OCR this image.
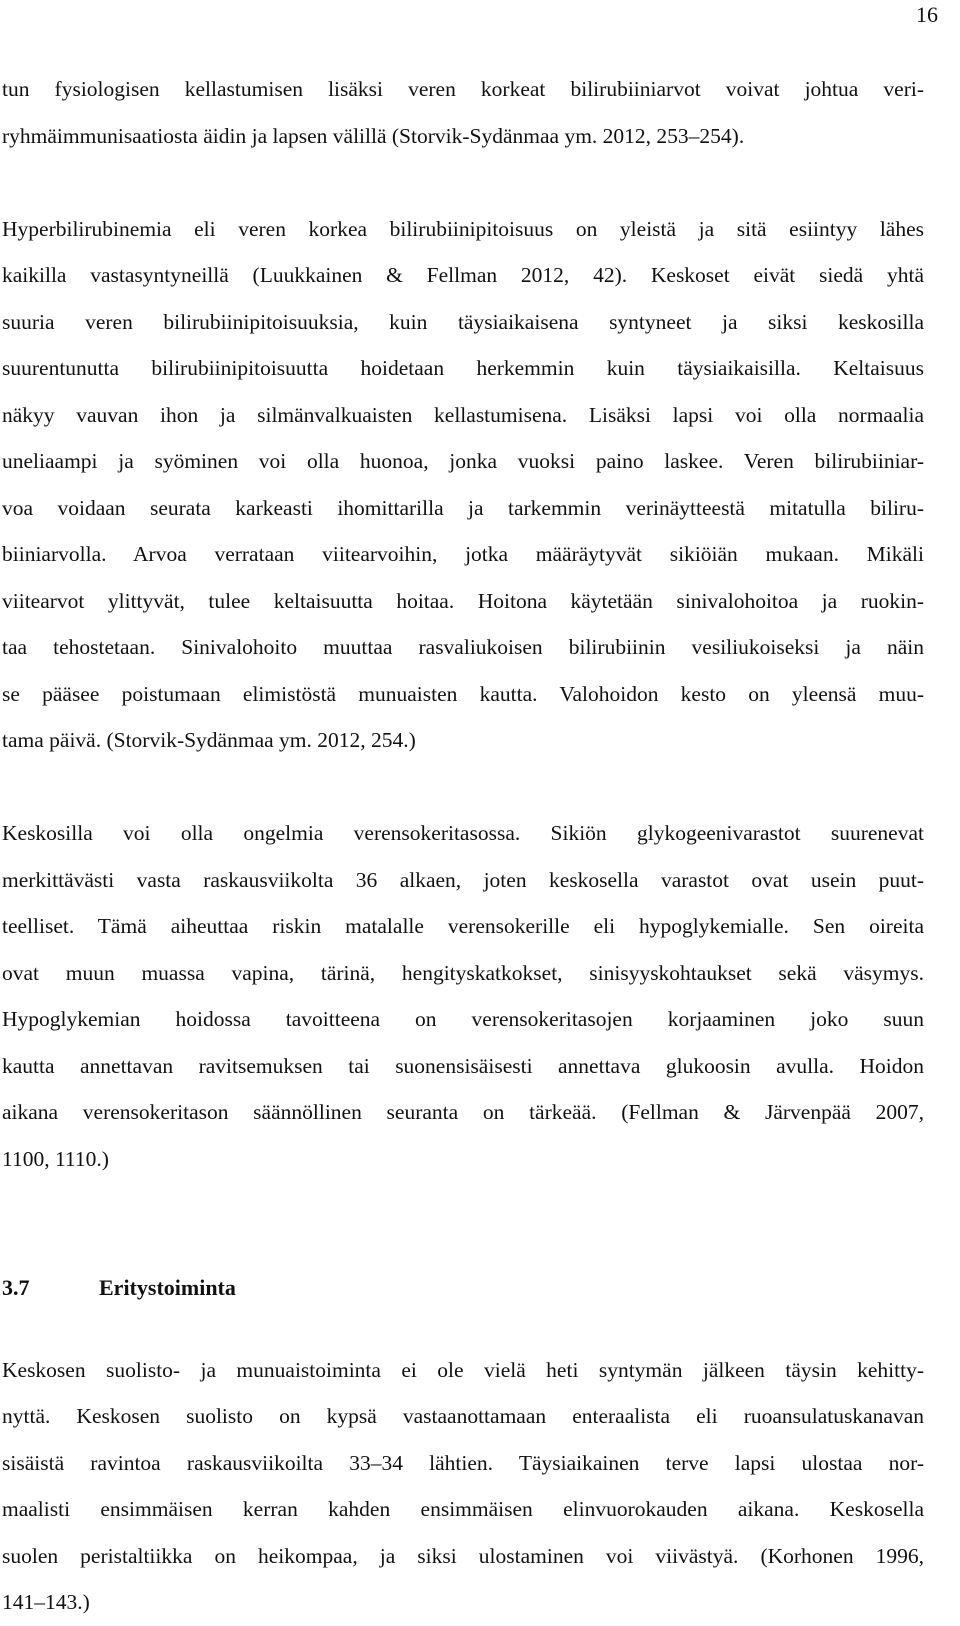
16
tun fysiologisen kellastumisen lisäksi veren korkeat bilirubiiniarvot voivat johtua veri-
ryhmäimmunisaatiosta äidin ja lapsen välillä (Storvik-Sydänmaa ym. 2012, 253–254).
Hyperbilirubinemia eli veren korkea bilirubiinipitoisuus on yleistä ja sitä esiintyy lähes
kaikilla vastasyntyneillä (Luukkainen & Fellman 2012, 42). Keskoset eivät siedä yhtä
suuria veren bilirubiinipitoisuuksia, kuin täysiaikaisena syntyneet ja siksi keskosilla
suurentunutta bilirubiinipitoisuutta hoidetaan herkemmin kuin täysiaikaisilla. Keltaisuus
näkyy vauvan ihon ja silmänvalkuaisten kellastumisena. Lisäksi lapsi voi olla normaalia
uneliaampi ja syöminen voi olla huonoa, jonka vuoksi paino laskee. Veren bilirubiiniar-
voa voidaan seurata karkeasti ihomittarilla ja tarkemmin verinäytteestä mitatulla biliru-
biiniarvolla. Arvoa verrataan viitearvoihin, jotka määräytyvät sikiöiän mukaan. Mikäli
viitearvot ylittyvät, tulee keltaisuutta hoitaa. Hoitona käytetään sinivalohoitoa ja ruokin-
taa tehostetaan. Sinivalohoito muuttaa rasvaliukoisen bilirubiinin vesiliukoiseksi ja näin
se pääsee poistumaan elimistöstä munuaisten kautta. Valohoidon kesto on yleensä muu-
tama päivä. (Storvik-Sydänmaa ym. 2012, 254.)
Keskosilla voi olla ongelmia verensokeritasossa. Sikiön glykogeenivarastot suurenevat
merkittävästi vasta raskausviikolta 36 alkaen, joten keskosella varastot ovat usein puut-
teelliset. Tämä aiheuttaa riskin matalalle verensokerille eli hypoglykemialle. Sen oireita
ovat muun muassa vapina, tärinä, hengityskatkokset, sinisyyskohtaukset sekä väsymys.
Hypoglykemian hoidossa tavoitteena on verensokeritasojen korjaaminen joko suun
kautta annettavan ravitsemuksen tai suonensisäisesti annettava glukoosin avulla. Hoidon
aikana verensokeritason säännöllinen seuranta on tärkeää. (Fellman & Järvenpää 2007,
1100, 1110.)
3.7	Eritystoiminta
Keskosen suolisto- ja munuaistoiminta ei ole vielä heti syntymän jälkeen täysin kehitty-
nyttä. Keskosen suolisto on kypsä vastaanottamaan enteraalista eli ruoansulatuskanavan
sisäistä ravintoa raskausviikoilta 33–34 lähtien. Täysiaikainen terve lapsi ulostaa nor-
maalisti ensimmäisen kerran kahden ensimmäisen elinvuorokauden aikana. Keskosella
suolen peristaltiikka on heikompaa, ja siksi ulostaminen voi viivästyä. (Korhonen 1996,
141–143.)
